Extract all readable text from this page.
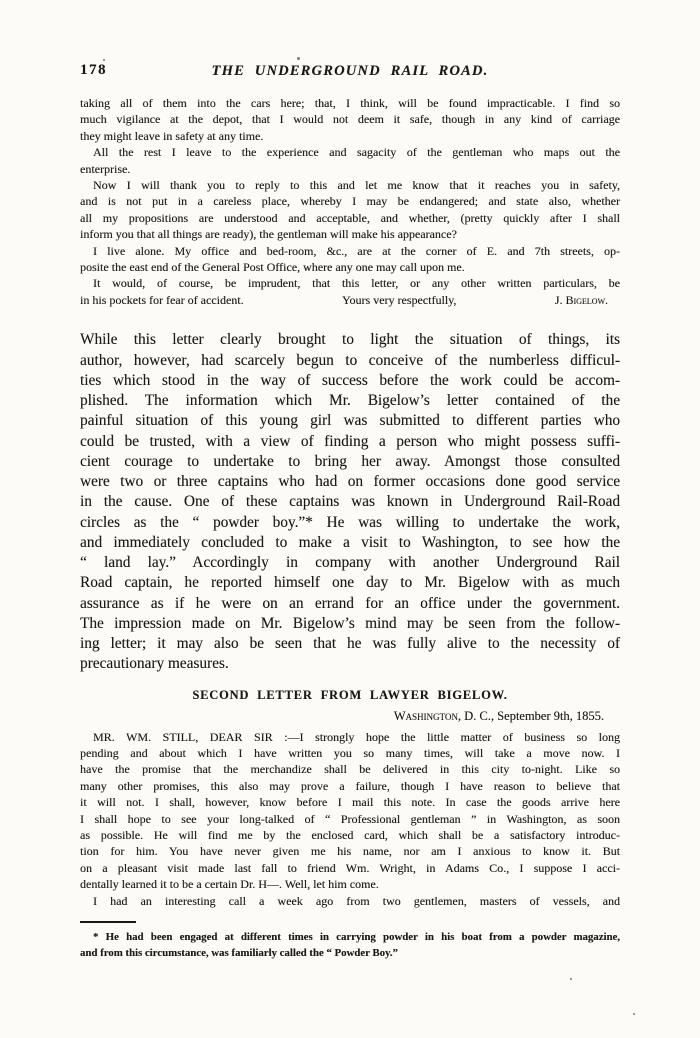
178	THE UNDERGROUND RAIL ROAD.
taking all of them into the cars here; that, I think, will be found impracticable. I find so
much vigilance at the depot, that I would not deem it safe, though in any kind of carriage
they might leave in safety at any time.
All the rest I leave to the experience and sagacity of the gentleman who maps out the
enterprise.
Now I will thank you to reply to this and let me know that it reaches you in safety,
and is not put in a careless place, whereby I may be endangered; and state also, whether
all my propositions are understood and acceptable, and whether, (pretty quickly after I shall
inform you that all things are ready), the gentleman will make his appearance?
I live alone. My office and bed-room, &c., are at the corner of E. and 7th streets, op-
posite the east end of the General Post Office, where any one may call upon me.
It would, of course, be imprudent, that this letter, or any other written particulars, be
in his pockets for fear of accident.	Yours very respectfully,	J. Bigelow.
While this letter clearly brought to light the situation of things, its
author, however, had scarcely begun to conceive of the numberless difficul-
ties which stood in the way of success before the work could be accom-
plished. The information which Mr. Bigelow’s letter contained of the
painful situation of this young girl was submitted to different parties who
could be trusted, with a view of finding a person who might possess suffi-
cient courage to undertake to bring her away. Amongst those consulted
were two or three captains who had on former occasions done good service
in the cause. One of these captains was known in Underground Rail-Road
circles as the “ powder boy.”* He was willing to undertake the work,
and immediately concluded to make a visit to Washington, to see how the
“ land lay.” Accordingly in company with another Underground Rail
Road captain, he reported himself one day to Mr. Bigelow with as much
assurance as if he were on an errand for an office under the government.
The impression made on Mr. Bigelow’s mind may be seen from the follow-
ing letter; it may also be seen that he was fully alive to the necessity of
precautionary measures.
SECOND LETTER FROM LAWYER BIGELOW.
Washington, D. C., September 9th, 1855.
MR. WM. STILL, DEAR SIR :—I strongly hope the little matter of business so long
pending and about which I have written you so many times, will take a move now. I
have the promise that the merchandize shall be delivered in this city to-night. Like so
many other promises, this also may prove a failure, though I have reason to believe that
it will not. I shall, however, know before I mail this note. In case the goods arrive here
I shall hope to see your long-talked of “ Professional gentleman ” in Washington, as soon
as possible. He will find me by the enclosed card, which shall be a satisfactory introduc-
tion for him. You have never given me his name, nor am I anxious to know it. But
on a pleasant visit made last fall to friend Wm. Wright, in Adams Co., I suppose I acci-
dentally learned it to be a certain Dr. H—. Well, let him come.
I had an interesting call a week ago from two gentlemen, masters of vessels, and
* He had been engaged at different times in carrying powder in his boat from a powder magazine,
and from this circumstance, was familiarly called the “ Powder Boy.”
